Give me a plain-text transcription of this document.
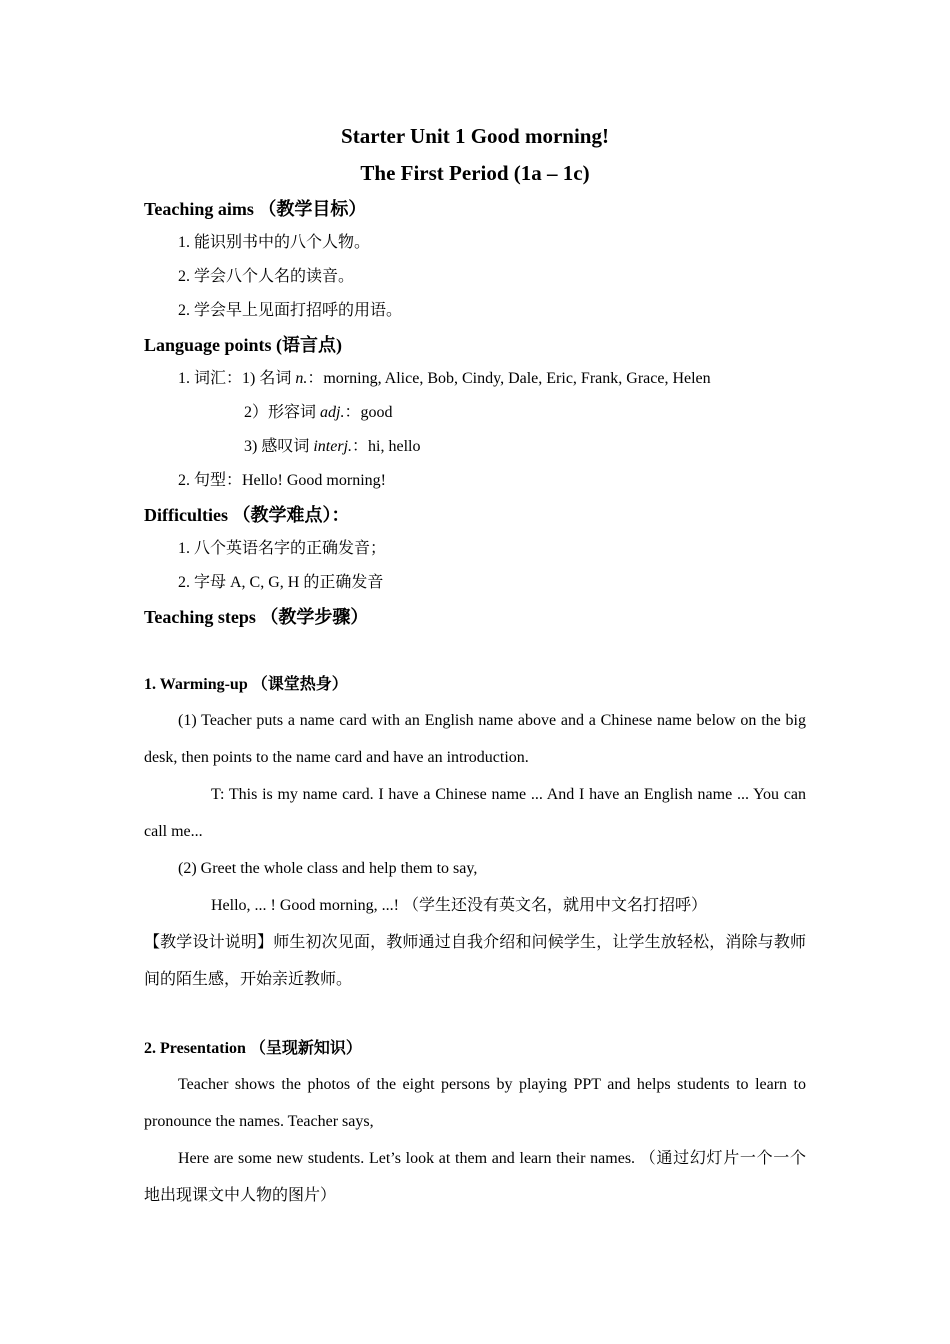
Starter Unit 1 Good morning!
The First Period (1a – 1c)
Teaching aims （教学目标）
1. 能识别书中的八个人物。
2. 学会八个人名的读音。
2. 学会早上见面打招呼的用语。
Language points (语言点)
1. 词汇：1) 名词 n.：morning, Alice, Bob, Cindy, Dale, Eric, Frank, Grace, Helen
2）形容词 adj.：good
3) 感叹词 interj.：hi, hello
2. 句型：Hello! Good morning!
Difficulties （教学难点）：
1. 八个英语名字的正确发音；
2. 字母 A, C, G, H 的正确发音
Teaching steps （教学步骤）
1. Warming-up （课堂热身）
(1) Teacher puts a name card with an English name above and a Chinese name below on the big desk, then points to the name card and have an introduction.
T: This is my name card. I have a Chinese name ... And I have an English name ... You can call me...
(2) Greet the whole class and help them to say,
Hello, ... ! Good morning, ...! （学生还没有英文名，就用中文名打招呼）
【教学设计说明】师生初次见面，教师通过自我介绍和问候学生，让学生放轻松，消除与教师间的陌生感，开始亲近教师。
2. Presentation （呈现新知识）
Teacher shows the photos of the eight persons by playing PPT and helps students to learn to pronounce the names. Teacher says,
Here are some new students. Let’s look at them and learn their names. （通过幻灯片一个一个地出现课文中人物的图片）
